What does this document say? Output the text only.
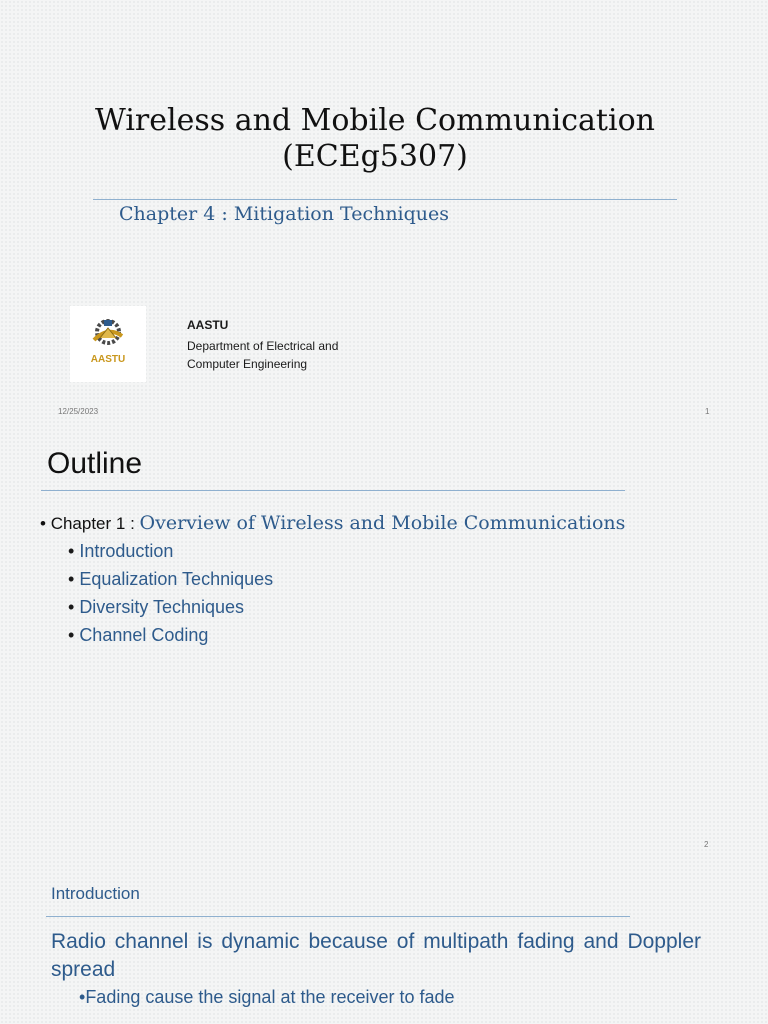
Wireless and Mobile Communication
(ECEg5307)
Chapter 4 : Mitigation Techniques
AASTU
AASTU
Department of Electrical and
Computer Engineering
12/25/2023	1
Outline
• Chapter 1 : Overview of Wireless and Mobile Communications
• Introduction
• Equalization Techniques
• Diversity Techniques
• Channel Coding
2
Introduction
Radio channel is dynamic because of multipath fading and Doppler spread
•Fading cause the signal at the receiver to fade
